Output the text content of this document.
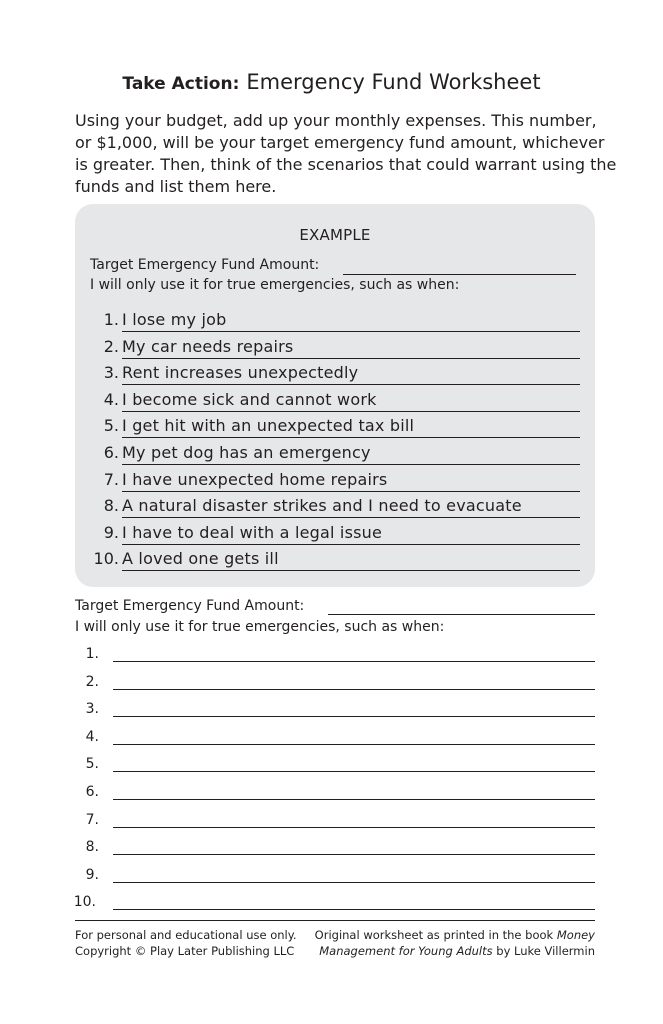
Take Action: Emergency Fund Worksheet
Using your budget, add up your monthly expenses. This number,
or $1,000, will be your target emergency fund amount, whichever
is greater. Then, think of the scenarios that could warrant using the
funds and list them here.
EXAMPLE
Target Emergency Fund Amount:
I will only use it for true emergencies, such as when:
1. I lose my job
2. My car needs repairs
3. Rent increases unexpectedly
4. I become sick and cannot work
5. I get hit with an unexpected tax bill
6. My pet dog has an emergency
7. I have unexpected home repairs
8. A natural disaster strikes and I need to evacuate
9. I have to deal with a legal issue
10. A loved one gets ill
Target Emergency Fund Amount:
I will only use it for true emergencies, such as when:
1.
2.
3.
4.
5.
6.
7.
8.
9.
10.
For personal and educational use only.
Copyright © Play Later Publishing LLC
Original worksheet as printed in the book Money
Management for Young Adults by Luke Villermin
